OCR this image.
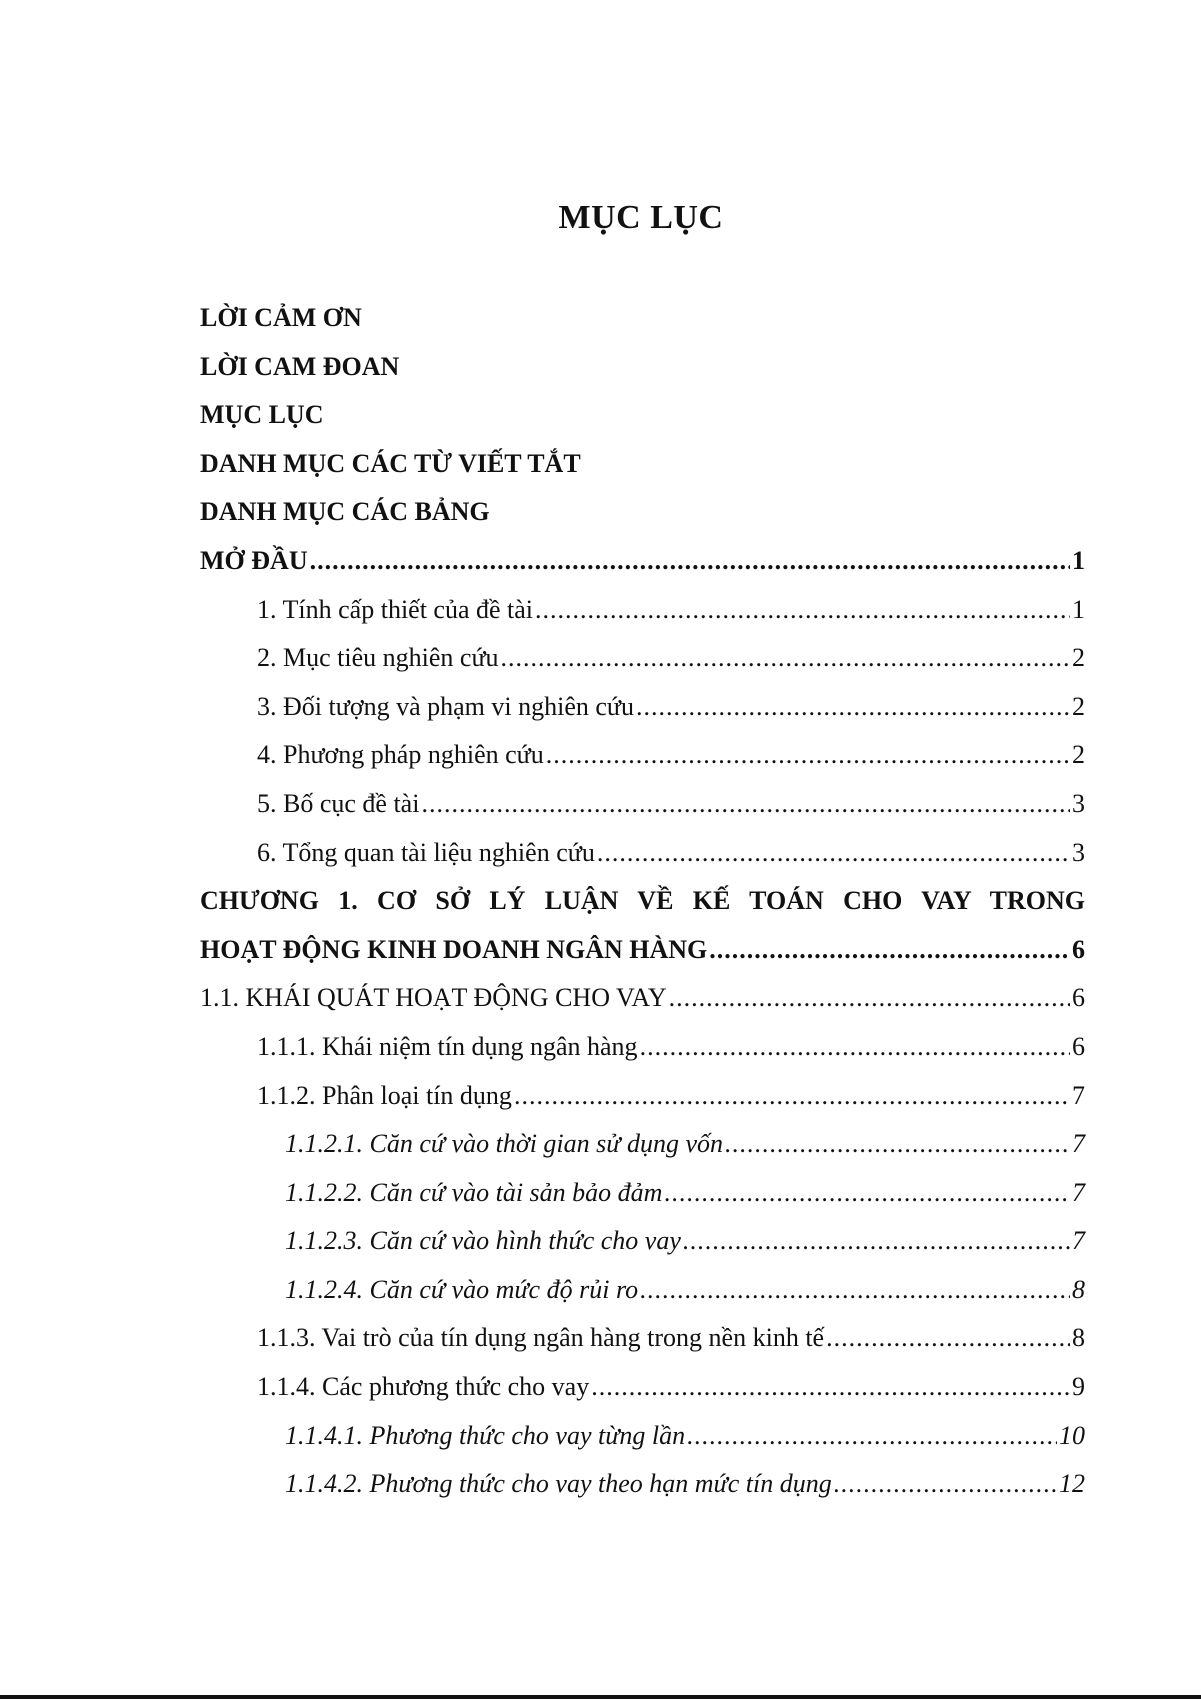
MỤC LỤC
LỜI CẢM ƠN
LỜI CAM ĐOAN
MỤC LỤC
DANH MỤC CÁC TỪ VIẾT TẮT
DANH MỤC CÁC BẢNG
MỞ ĐẦU .....	1
1. Tính cấp thiết của đề tài .....	1
2. Mục tiêu nghiên cứu .....	2
3. Đối tượng và phạm vi nghiên cứu .....	2
4. Phương pháp nghiên cứu .....	2
5. Bố cục đề tài .....	3
6. Tổng quan tài liệu nghiên cứu .....	3
CHƯƠNG 1. CƠ SỞ LÝ LUẬN VỀ KẾ TOÁN CHO VAY TRONG
HOẠT ĐỘNG KINH DOANH NGÂN HÀNG .....	6
1.1. KHÁI QUÁT HOẠT ĐỘNG CHO VAY .....	6
1.1.1. Khái niệm tín dụng ngân hàng .....	6
1.1.2. Phân loại tín dụng .....	7
1.1.2.1. Căn cứ vào thời gian sử dụng vốn .....	7
1.1.2.2. Căn cứ vào tài sản bảo đảm .....	7
1.1.2.3. Căn cứ vào hình thức cho vay .....	7
1.1.2.4. Căn cứ vào mức độ rủi ro .....	8
1.1.3. Vai trò của tín dụng ngân hàng trong nền kinh tế .....	8
1.1.4. Các phương thức cho vay .....	9
1.1.4.1. Phương thức cho vay từng lần .....	10
1.1.4.2. Phương thức cho vay theo hạn mức tín dụng .....	12
